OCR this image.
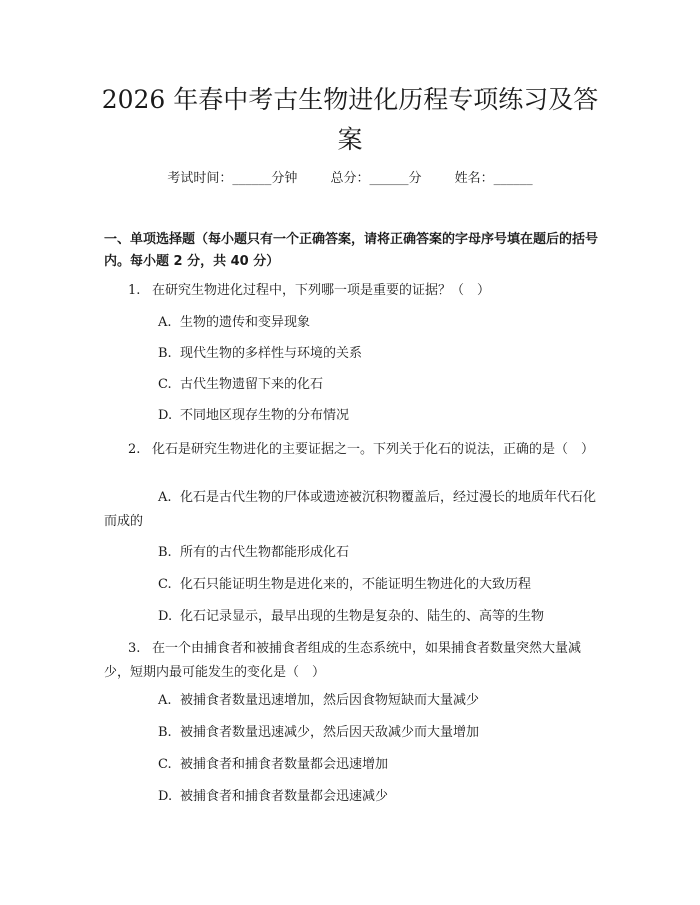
2026 年春中考古生物进化历程专项练习及答案
考试时间：______分钟	总分：______分	姓名：______

一、单项选择题（每小题只有一个正确答案，请将正确答案的字母序号填在题后的括号内。每小题 2 分，共 40 分）

1. 在研究生物进化过程中，下列哪一项是重要的证据？（　）

A. 生物的遗传和变异现象

B. 现代生物的多样性与环境的关系

C. 古代生物遗留下来的化石

D. 不同地区现存生物的分布情况

2. 化石是研究生物进化的主要证据之一。下列关于化石的说法，正确的是（　）

A. 化石是古代生物的尸体或遗迹被沉积物覆盖后，经过漫长的地质年代石化而成的

B. 所有的古代生物都能形成化石

C. 化石只能证明生物是进化来的，不能证明生物进化的大致历程

D. 化石记录显示，最早出现的生物是复杂的、陆生的、高等的生物

3. 在一个由捕食者和被捕食者组成的生态系统中，如果捕食者数量突然大量减少，短期内最可能发生的变化是（　）

A. 被捕食者数量迅速增加，然后因食物短缺而大量减少

B. 被捕食者数量迅速减少，然后因天敌减少而大量增加

C. 被捕食者和捕食者数量都会迅速增加

D. 被捕食者和捕食者数量都会迅速减少
